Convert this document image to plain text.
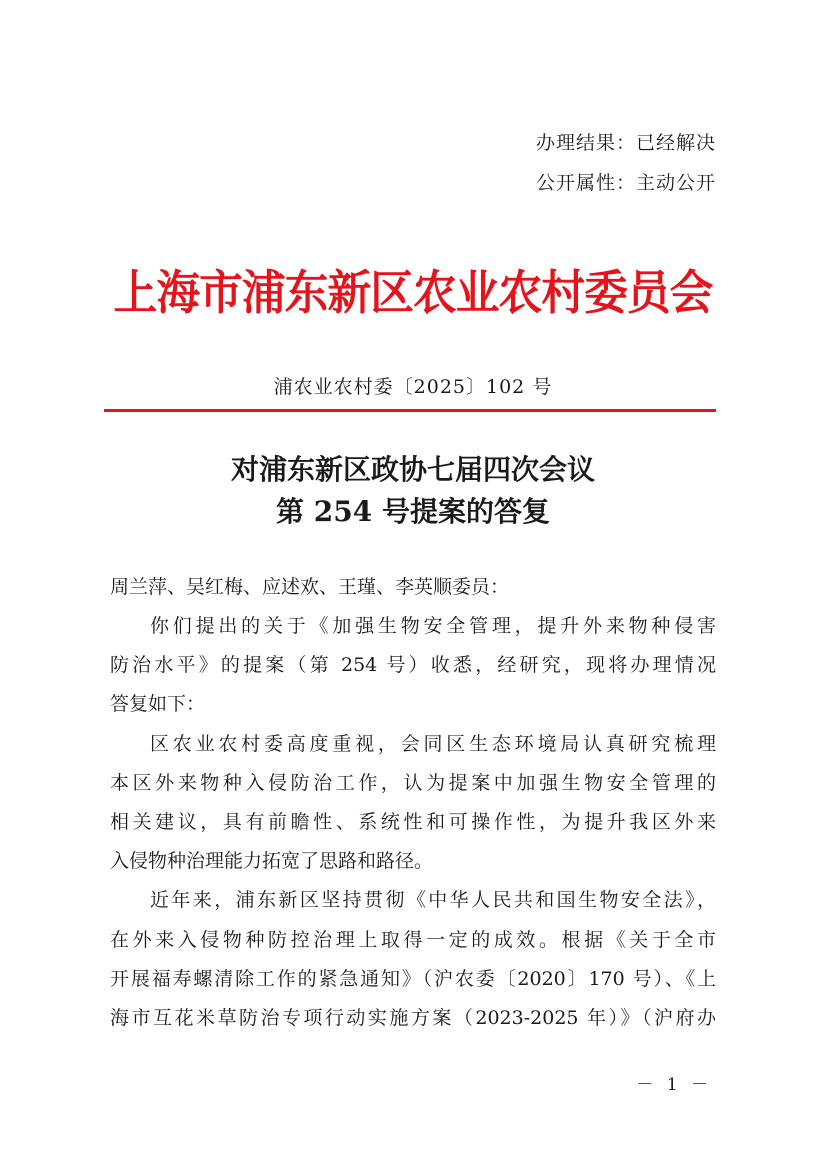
办理结果：已经解决
公开属性：主动公开
上海市浦东新区农业农村委员会
浦农业农村委〔2025〕102 号
对浦东新区政协七届四次会议
第 254 号提案的答复
周兰萍、吴红梅、应述欢、王瑾、李英顺委员：
你们提出的关于《加强生物安全管理，提升外来物种侵害
防治水平》的提案（第 254 号）收悉，经研究，现将办理情况
答复如下：
区农业农村委高度重视，会同区生态环境局认真研究梳理
本区外来物种入侵防治工作，认为提案中加强生物安全管理的
相关建议，具有前瞻性、系统性和可操作性，为提升我区外来
入侵物种治理能力拓宽了思路和路径。
近年来，浦东新区坚持贯彻《中华人民共和国生物安全法》，
在外来入侵物种防控治理上取得一定的成效。根据《关于全市
开展福寿螺清除工作的紧急通知》（沪农委〔2020〕170 号）、《上
海市互花米草防治专项行动实施方案（2023-2025 年）》（沪府办
－ 1 －
